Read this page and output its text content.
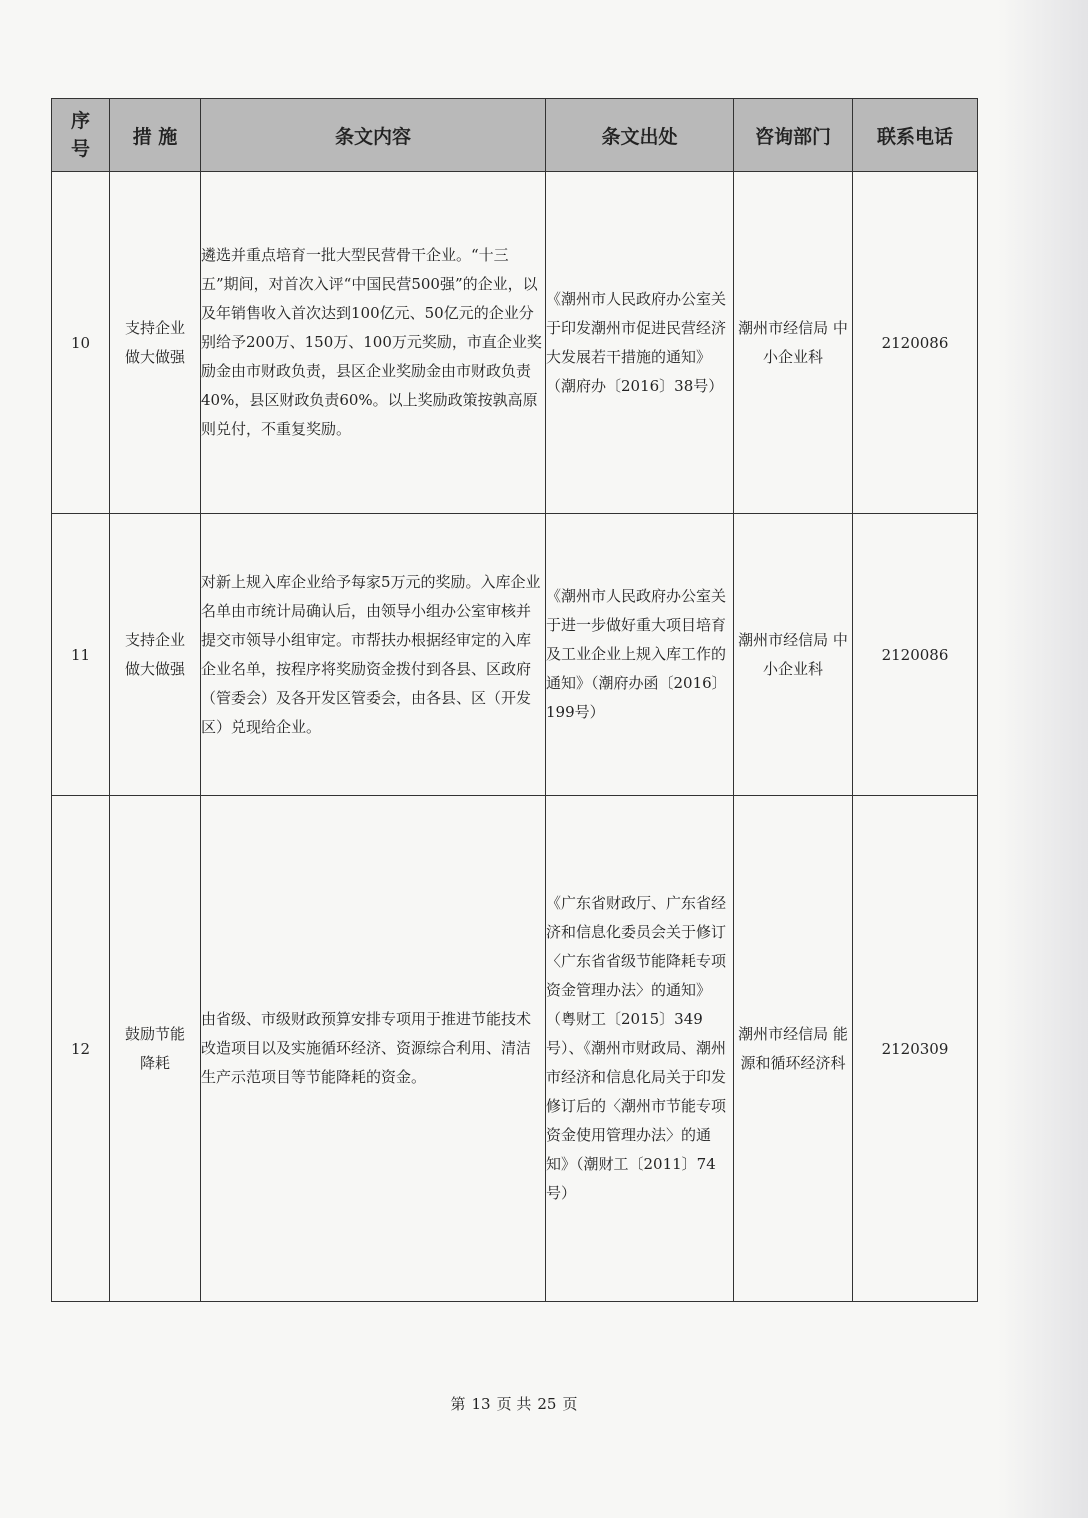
序号	措 施	条文内容	条文出处	咨询部门	联系电话
10	支持企业做大做强	遴选并重点培育一批大型民营骨干企业。“十三五”期间，对首次入评“中国民营500强”的企业，以及年销售收入首次达到100亿元、50亿元的企业分别给予200万、150万、100万元奖励，市直企业奖励金由市财政负责，县区企业奖励金由市财政负责40%，县区财政负责60%。以上奖励政策按孰高原则兑付，不重复奖励。	《潮州市人民政府办公室关于印发潮州市促进民营经济大发展若干措施的通知》（潮府办〔2016〕38号）	潮州市经信局 中小企业科	2120086
11	支持企业做大做强	对新上规入库企业给予每家5万元的奖励。入库企业名单由市统计局确认后，由领导小组办公室审核并提交市领导小组审定。市帮扶办根据经审定的入库企业名单，按程序将奖励资金拨付到各县、区政府（管委会）及各开发区管委会，由各县、区（开发区）兑现给企业。	《潮州市人民政府办公室关于进一步做好重大项目培育及工业企业上规入库工作的通知》（潮府办函〔2016〕199号）	潮州市经信局 中小企业科	2120086
12	鼓励节能降耗	由省级、市级财政预算安排专项用于推进节能技术改造项目以及实施循环经济、资源综合利用、清洁生产示范项目等节能降耗的资金。	《广东省财政厅、广东省经济和信息化委员会关于修订〈广东省省级节能降耗专项资金管理办法〉的通知》（粤财工〔2015〕349号）、《潮州市财政局、潮州市经济和信息化局关于印发修订后的〈潮州市节能专项资金使用管理办法〉的通知》（潮财工〔2011〕74号）	潮州市经信局 能源和循环经济科	2120309
第 13 页 共 25 页
